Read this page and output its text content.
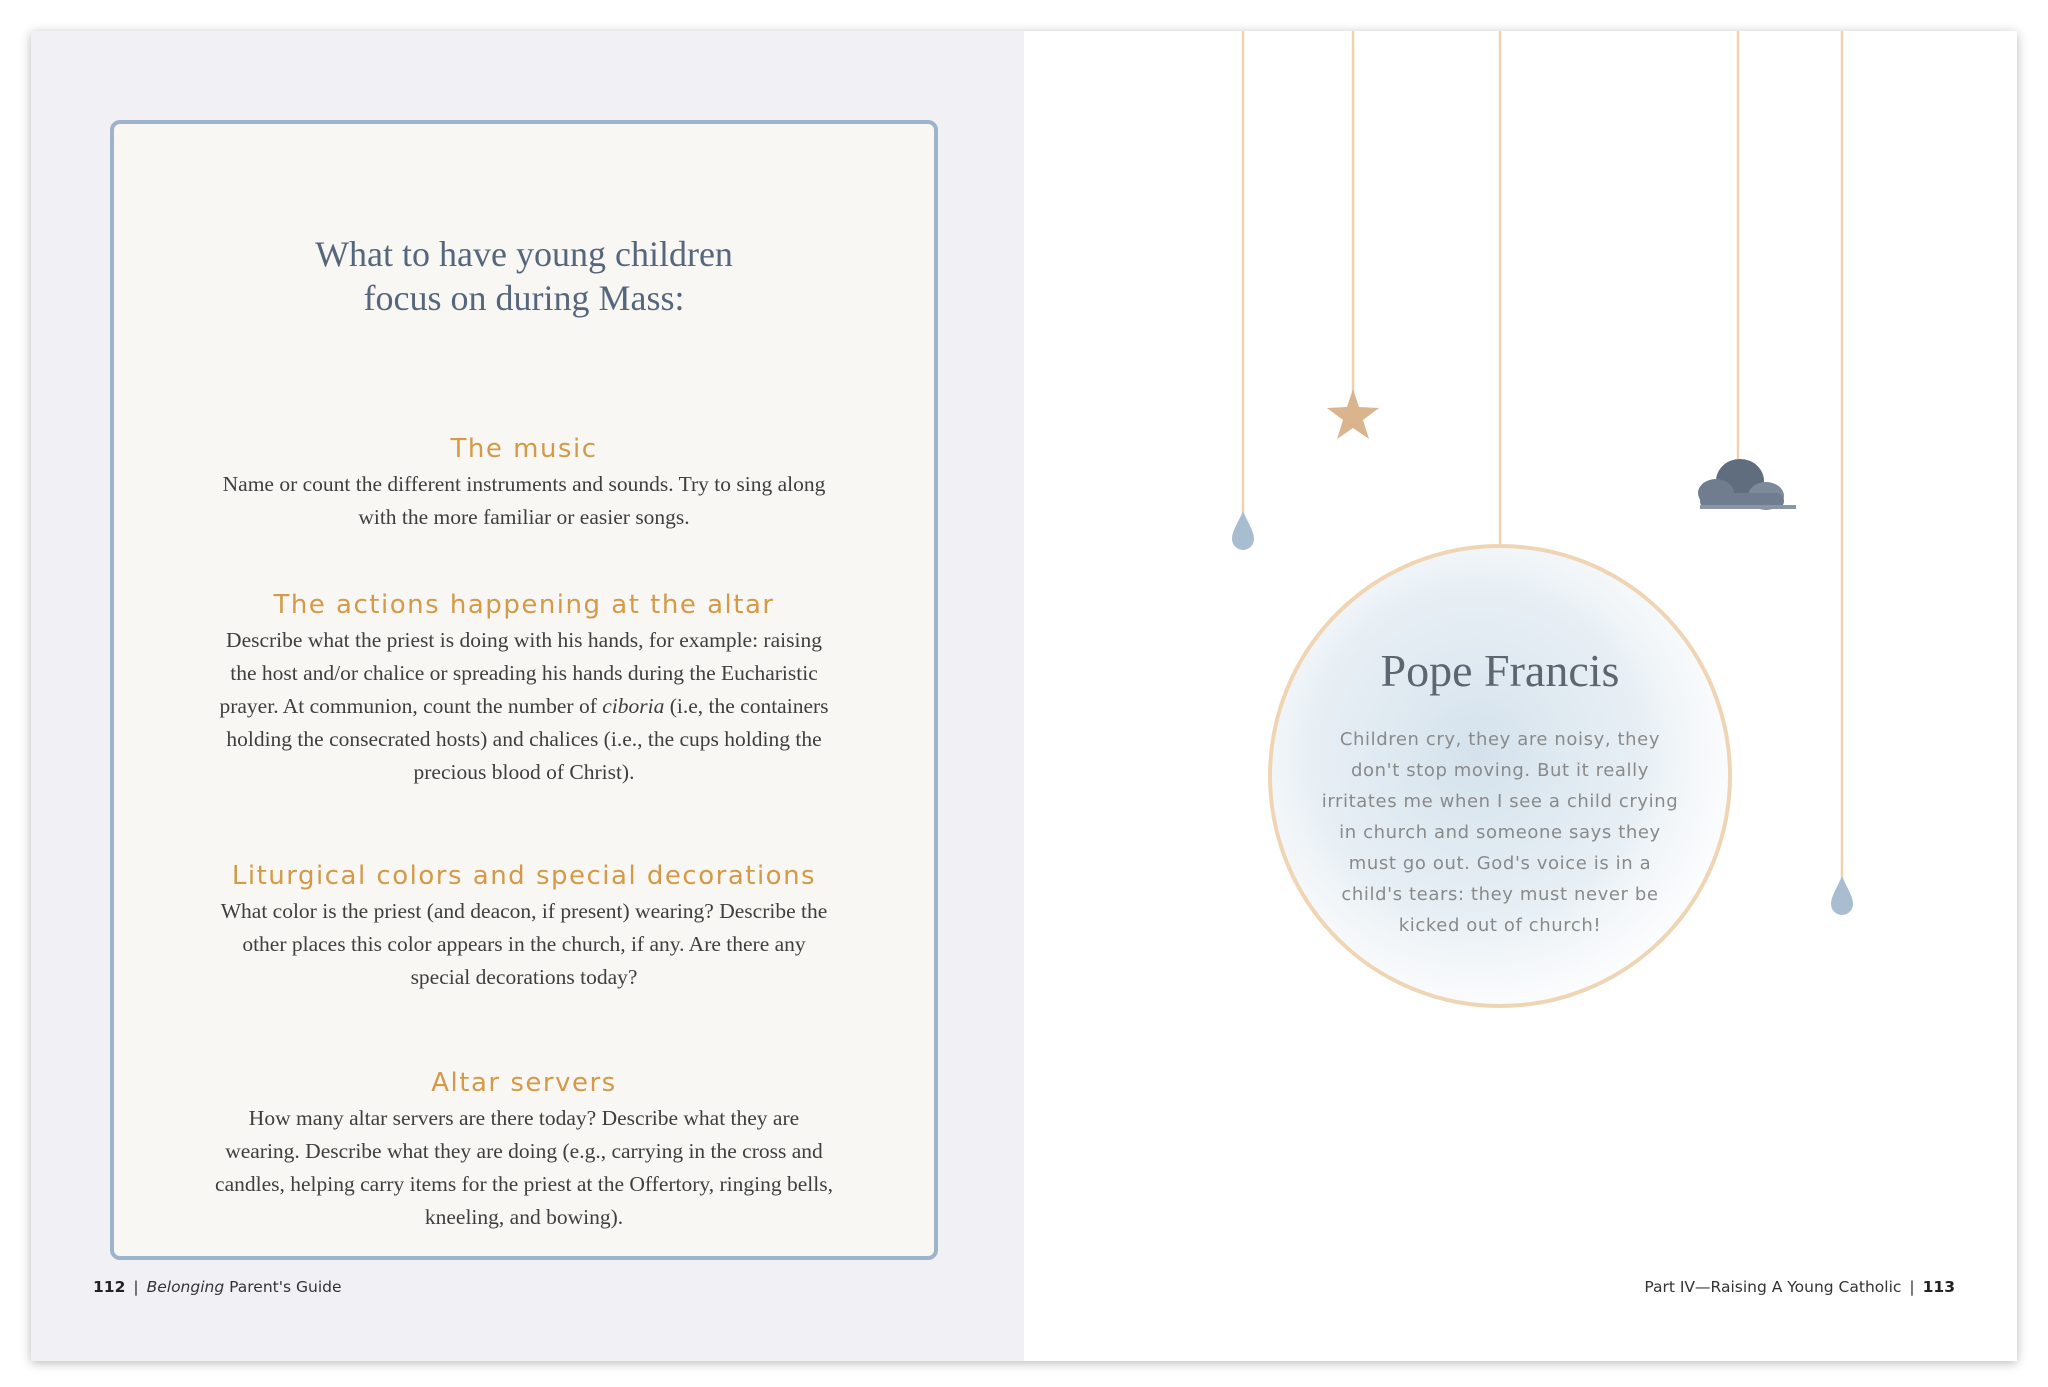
What to have young children
focus on during Mass:
The music
Name or count the different instruments and sounds. Try to sing along with the more familiar or easier songs.
The actions happening at the altar
Describe what the priest is doing with his hands, for example: raising the host and/or chalice or spreading his hands during the Eucharistic prayer. At communion, count the number of ciboria (i.e, the containers holding the consecrated hosts) and chalices (i.e., the cups holding the precious blood of Christ).
Liturgical colors and special decorations
What color is the priest (and deacon, if present) wearing? Describe the other places this color appears in the church, if any. Are there any special decorations today?
Altar servers
How many altar servers are there today? Describe what they are wearing. Describe what they are doing (e.g., carrying in the cross and candles, helping carry items for the priest at the Offertory, ringing bells, kneeling, and bowing).
112 | Belonging Parent's Guide
Pope Francis
Children cry, they are noisy, they don't stop moving. But it really irritates me when I see a child crying in church and someone says they must go out. God's voice is in a child's tears: they must never be kicked out of church!
Part IV—Raising A Young Catholic | 113
